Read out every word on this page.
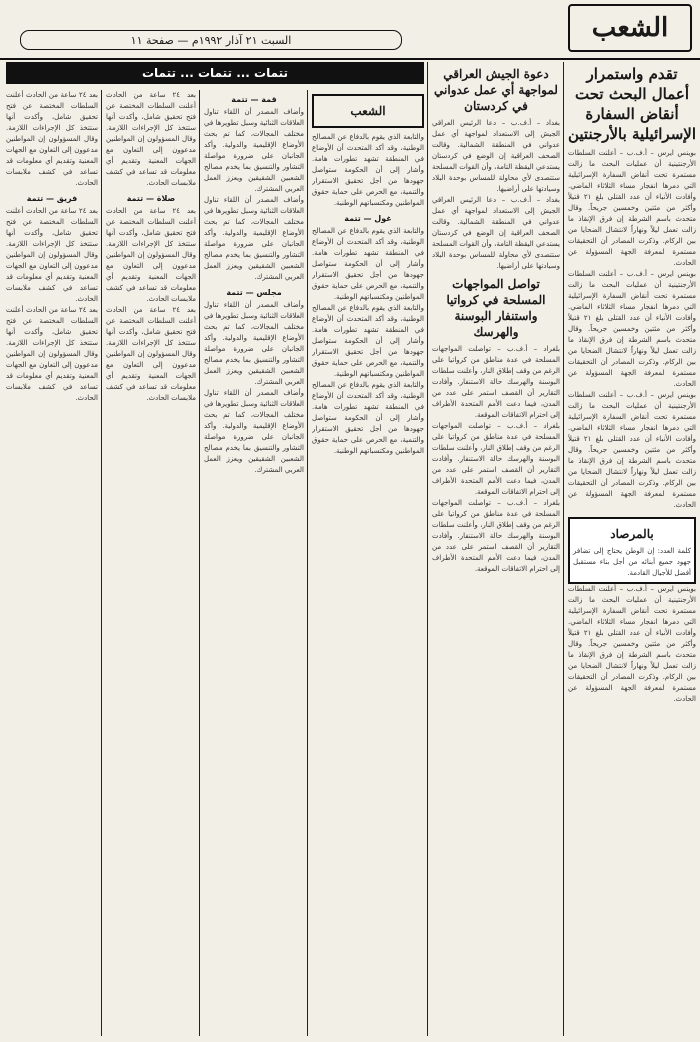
الشعب
السبت ٢١ آذار ١٩٩٢م — صفحة ١١
تقدم واستمرار أعمال البحث تحت أنقاض السفارة الإسرائيلية بالأرجنتين
بوينس ايرس – أ.ف.ب – أعلنت السلطات الأرجنتينية أن عمليات البحث ما زالت مستمرة تحت أنقاض السفارة الإسرائيلية التي دمرها انفجار مساء الثلاثاء الماضي. وأفادت الأنباء أن عدد القتلى بلغ ٢١ قتيلاً وأكثر من مئتين وخمسين جريحاً. وقال متحدث باسم الشرطة إن فرق الإنقاذ ما زالت تعمل ليلاً ونهاراً لانتشال الضحايا من بين الركام. وذكرت المصادر أن التحقيقات مستمرة لمعرفة الجهة المسؤولة عن الحادث.
بوينس ايرس – أ.ف.ب – أعلنت السلطات الأرجنتينية أن عمليات البحث ما زالت مستمرة تحت أنقاض السفارة الإسرائيلية التي دمرها انفجار مساء الثلاثاء الماضي. وأفادت الأنباء أن عدد القتلى بلغ ٢١ قتيلاً وأكثر من مئتين وخمسين جريحاً. وقال متحدث باسم الشرطة إن فرق الإنقاذ ما زالت تعمل ليلاً ونهاراً لانتشال الضحايا من بين الركام. وذكرت المصادر أن التحقيقات مستمرة لمعرفة الجهة المسؤولة عن الحادث.
بوينس ايرس – أ.ف.ب – أعلنت السلطات الأرجنتينية أن عمليات البحث ما زالت مستمرة تحت أنقاض السفارة الإسرائيلية التي دمرها انفجار مساء الثلاثاء الماضي. وأفادت الأنباء أن عدد القتلى بلغ ٢١ قتيلاً وأكثر من مئتين وخمسين جريحاً. وقال متحدث باسم الشرطة إن فرق الإنقاذ ما زالت تعمل ليلاً ونهاراً لانتشال الضحايا من بين الركام. وذكرت المصادر أن التحقيقات مستمرة لمعرفة الجهة المسؤولة عن الحادث.
بالمرصاد
كلمة العدد: إن الوطن يحتاج إلى تضافر جهود جميع أبنائه من أجل بناء مستقبل أفضل للأجيال القادمة.
بوينس ايرس – أ.ف.ب – أعلنت السلطات الأرجنتينية أن عمليات البحث ما زالت مستمرة تحت أنقاض السفارة الإسرائيلية التي دمرها انفجار مساء الثلاثاء الماضي. وأفادت الأنباء أن عدد القتلى بلغ ٢١ قتيلاً وأكثر من مئتين وخمسين جريحاً. وقال متحدث باسم الشرطة إن فرق الإنقاذ ما زالت تعمل ليلاً ونهاراً لانتشال الضحايا من بين الركام. وذكرت المصادر أن التحقيقات مستمرة لمعرفة الجهة المسؤولة عن الحادث.
دعوة الجيش العراقي لمواجهة أي عمل عدواني في كردستان
بغداد – أ.ف.ب – دعا الرئيس العراقي الجيش إلى الاستعداد لمواجهة أي عمل عدواني في المنطقة الشمالية. وقالت الصحف العراقية إن الوضع في كردستان يستدعي اليقظة التامة، وأن القوات المسلحة ستتصدى لأي محاولة للمساس بوحدة البلاد وسيادتها على أراضيها.
بغداد – أ.ف.ب – دعا الرئيس العراقي الجيش إلى الاستعداد لمواجهة أي عمل عدواني في المنطقة الشمالية. وقالت الصحف العراقية إن الوضع في كردستان يستدعي اليقظة التامة، وأن القوات المسلحة ستتصدى لأي محاولة للمساس بوحدة البلاد وسيادتها على أراضيها.
تواصل المواجهات المسلحة في كرواتيا واستنفار البوسنة والهرسك
بلغراد – أ.ف.ب – تواصلت المواجهات المسلحة في عدة مناطق من كرواتيا على الرغم من وقف إطلاق النار، وأعلنت سلطات البوسنة والهرسك حالة الاستنفار. وأفادت التقارير أن القصف استمر على عدد من المدن، فيما دعت الأمم المتحدة الأطراف إلى احترام الاتفاقات الموقعة.
بلغراد – أ.ف.ب – تواصلت المواجهات المسلحة في عدة مناطق من كرواتيا على الرغم من وقف إطلاق النار، وأعلنت سلطات البوسنة والهرسك حالة الاستنفار. وأفادت التقارير أن القصف استمر على عدد من المدن، فيما دعت الأمم المتحدة الأطراف إلى احترام الاتفاقات الموقعة.
بلغراد – أ.ف.ب – تواصلت المواجهات المسلحة في عدة مناطق من كرواتيا على الرغم من وقف إطلاق النار، وأعلنت سلطات البوسنة والهرسك حالة الاستنفار. وأفادت التقارير أن القصف استمر على عدد من المدن، فيما دعت الأمم المتحدة الأطراف إلى احترام الاتفاقات الموقعة.
تتمات ... تتمات ... تتمات
الشعب
والتابعة الذي يقوم بالدفاع عن المصالح الوطنية، وقد أكد المتحدث أن الأوضاع في المنطقة تشهد تطورات هامة. وأشار إلى أن الحكومة ستواصل جهودها من أجل تحقيق الاستقرار والتنمية، مع الحرص على حماية حقوق المواطنين ومكتسباتهم الوطنية.
غول — تتمة
والتابعة الذي يقوم بالدفاع عن المصالح الوطنية، وقد أكد المتحدث أن الأوضاع في المنطقة تشهد تطورات هامة. وأشار إلى أن الحكومة ستواصل جهودها من أجل تحقيق الاستقرار والتنمية، مع الحرص على حماية حقوق المواطنين ومكتسباتهم الوطنية.
والتابعة الذي يقوم بالدفاع عن المصالح الوطنية، وقد أكد المتحدث أن الأوضاع في المنطقة تشهد تطورات هامة. وأشار إلى أن الحكومة ستواصل جهودها من أجل تحقيق الاستقرار والتنمية، مع الحرص على حماية حقوق المواطنين ومكتسباتهم الوطنية.
والتابعة الذي يقوم بالدفاع عن المصالح الوطنية، وقد أكد المتحدث أن الأوضاع في المنطقة تشهد تطورات هامة. وأشار إلى أن الحكومة ستواصل جهودها من أجل تحقيق الاستقرار والتنمية، مع الحرص على حماية حقوق المواطنين ومكتسباتهم الوطنية.
قمة — تتمة
وأضاف المصدر أن اللقاء تناول العلاقات الثنائية وسبل تطويرها في مختلف المجالات، كما تم بحث الأوضاع الإقليمية والدولية. وأكد الجانبان على ضرورة مواصلة التشاور والتنسيق بما يخدم مصالح الشعبين الشقيقين ويعزز العمل العربي المشترك.
وأضاف المصدر أن اللقاء تناول العلاقات الثنائية وسبل تطويرها في مختلف المجالات، كما تم بحث الأوضاع الإقليمية والدولية. وأكد الجانبان على ضرورة مواصلة التشاور والتنسيق بما يخدم مصالح الشعبين الشقيقين ويعزز العمل العربي المشترك.
مجلس — تتمة
وأضاف المصدر أن اللقاء تناول العلاقات الثنائية وسبل تطويرها في مختلف المجالات، كما تم بحث الأوضاع الإقليمية والدولية. وأكد الجانبان على ضرورة مواصلة التشاور والتنسيق بما يخدم مصالح الشعبين الشقيقين ويعزز العمل العربي المشترك.
وأضاف المصدر أن اللقاء تناول العلاقات الثنائية وسبل تطويرها في مختلف المجالات، كما تم بحث الأوضاع الإقليمية والدولية. وأكد الجانبان على ضرورة مواصلة التشاور والتنسيق بما يخدم مصالح الشعبين الشقيقين ويعزز العمل العربي المشترك.
بعد ٢٤ ساعة من الحادث أعلنت السلطات المختصة عن فتح تحقيق شامل، وأكدت أنها ستتخذ كل الإجراءات اللازمة. وقال المسؤولون إن المواطنين مدعوون إلى التعاون مع الجهات المعنية وتقديم أي معلومات قد تساعد في كشف ملابسات الحادث.
صلاة — تتمة
بعد ٢٤ ساعة من الحادث أعلنت السلطات المختصة عن فتح تحقيق شامل، وأكدت أنها ستتخذ كل الإجراءات اللازمة. وقال المسؤولون إن المواطنين مدعوون إلى التعاون مع الجهات المعنية وتقديم أي معلومات قد تساعد في كشف ملابسات الحادث.
بعد ٢٤ ساعة من الحادث أعلنت السلطات المختصة عن فتح تحقيق شامل، وأكدت أنها ستتخذ كل الإجراءات اللازمة. وقال المسؤولون إن المواطنين مدعوون إلى التعاون مع الجهات المعنية وتقديم أي معلومات قد تساعد في كشف ملابسات الحادث.
بعد ٢٤ ساعة من الحادث أعلنت السلطات المختصة عن فتح تحقيق شامل، وأكدت أنها ستتخذ كل الإجراءات اللازمة. وقال المسؤولون إن المواطنين مدعوون إلى التعاون مع الجهات المعنية وتقديم أي معلومات قد تساعد في كشف ملابسات الحادث.
فريق — تتمة
بعد ٢٤ ساعة من الحادث أعلنت السلطات المختصة عن فتح تحقيق شامل، وأكدت أنها ستتخذ كل الإجراءات اللازمة. وقال المسؤولون إن المواطنين مدعوون إلى التعاون مع الجهات المعنية وتقديم أي معلومات قد تساعد في كشف ملابسات الحادث.
بعد ٢٤ ساعة من الحادث أعلنت السلطات المختصة عن فتح تحقيق شامل، وأكدت أنها ستتخذ كل الإجراءات اللازمة. وقال المسؤولون إن المواطنين مدعوون إلى التعاون مع الجهات المعنية وتقديم أي معلومات قد تساعد في كشف ملابسات الحادث.
